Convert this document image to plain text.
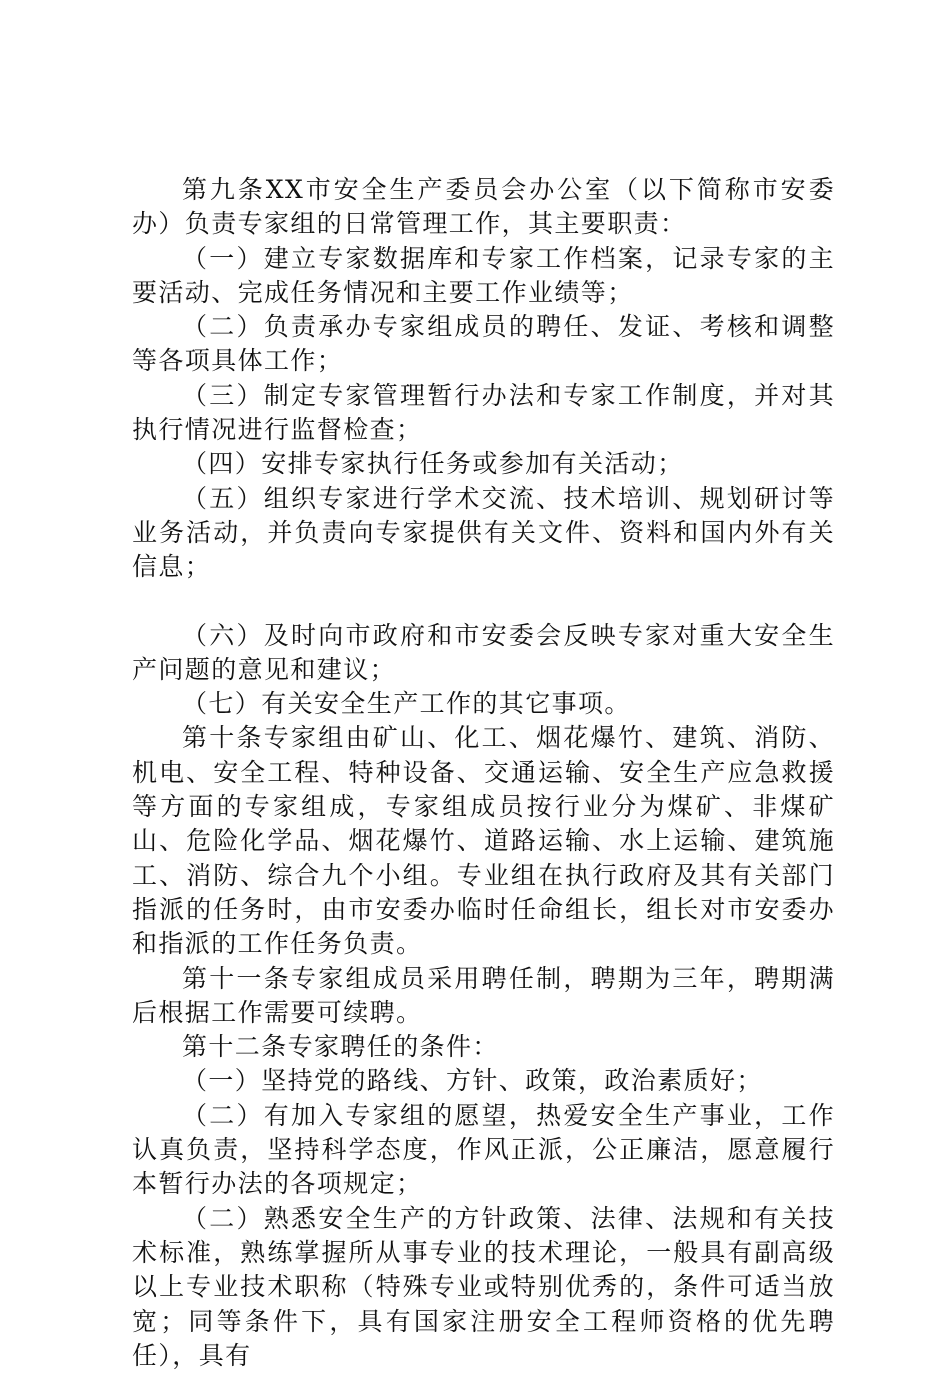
第九条XX市安全生产委员会办公室（以下简称市安委办）负责专家组的日常管理工作，其主要职责：

（一）建立专家数据库和专家工作档案，记录专家的主要活动、完成任务情况和主要工作业绩等；

（二）负责承办专家组成员的聘任、发证、考核和调整等各项具体工作；

（三）制定专家管理暂行办法和专家工作制度，并对其执行情况进行监督检查；

（四）安排专家执行任务或参加有关活动；

（五）组织专家进行学术交流、技术培训、规划研讨等业务活动，并负责向专家提供有关文件、资料和国内外有关信息；

（六）及时向市政府和市安委会反映专家对重大安全生产问题的意见和建议；

（七）有关安全生产工作的其它事项。

第十条专家组由矿山、化工、烟花爆竹、建筑、消防、机电、安全工程、特种设备、交通运输、安全生产应急救援等方面的专家组成，专家组成员按行业分为煤矿、非煤矿山、危险化学品、烟花爆竹、道路运输、水上运输、建筑施工、消防、综合九个小组。专业组在执行政府及其有关部门指派的任务时，由市安委办临时任命组长，组长对市安委办和指派的工作任务负责。

第十一条专家组成员采用聘任制，聘期为三年，聘期满后根据工作需要可续聘。

第十二条专家聘任的条件：

（一）坚持党的路线、方针、政策，政治素质好；

（二）有加入专家组的愿望，热爱安全生产事业，工作认真负责，坚持科学态度，作风正派，公正廉洁，愿意履行本暂行办法的各项规定；

（二）熟悉安全生产的方针政策、法律、法规和有关技术标准，熟练掌握所从事专业的技术理论，一般具有副高级以上专业技术职称（特殊专业或特别优秀的，条件可适当放宽；同等条件下，具有国家注册安全工程师资格的优先聘任），具有
